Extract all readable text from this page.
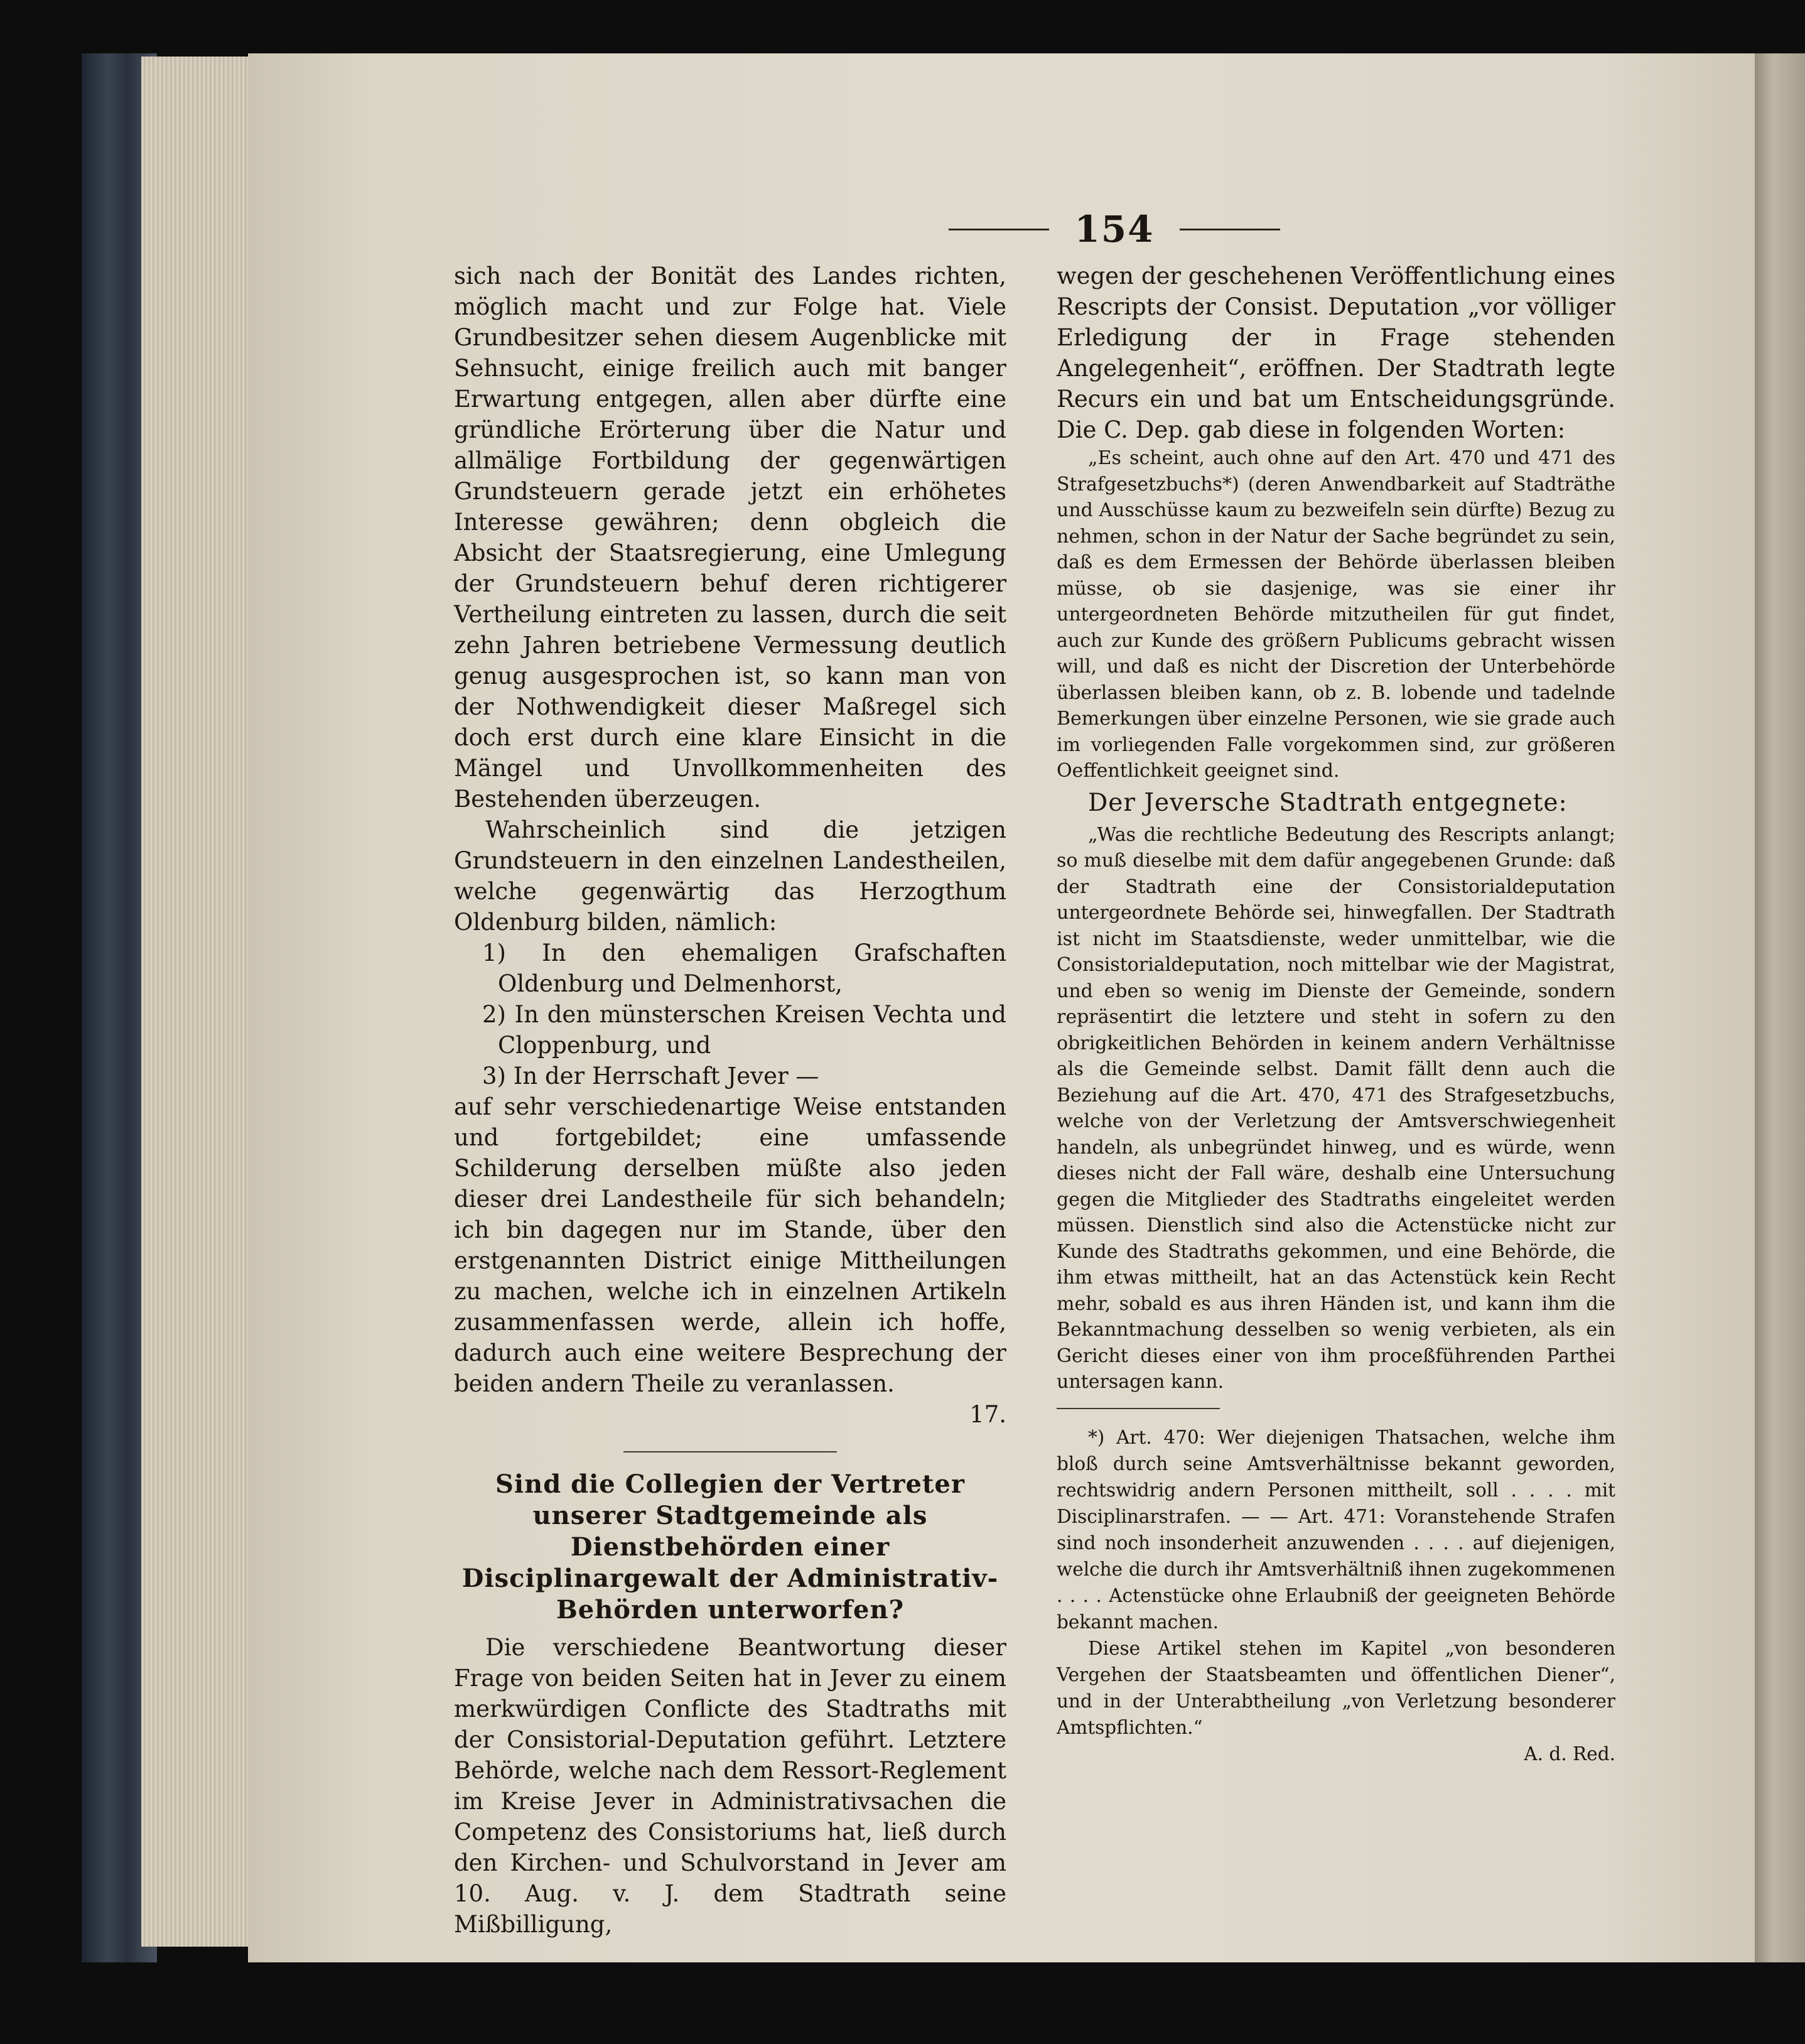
154

sich nach der Bonität des Landes richten, möglich macht und zur Folge hat. Viele Grundbesitzer sehen diesem Augenblicke mit Sehnsucht, einige freilich auch mit banger Erwartung entgegen, allen aber dürfte eine gründliche Erörterung über die Natur und allmälige Fortbildung der gegenwärtigen Grundsteuern gerade jetzt ein erhöhetes Interesse gewähren; denn obgleich die Absicht der Staatsregierung, eine Umlegung der Grundsteuern behuf deren richtigerer Vertheilung eintreten zu lassen, durch die seit zehn Jahren betriebene Vermessung deutlich genug ausgesprochen ist, so kann man von der Nothwendigkeit dieser Maßregel sich doch erst durch eine klare Einsicht in die Mängel und Unvollkommenheiten des Bestehenden überzeugen.

Wahrscheinlich sind die jetzigen Grundsteuern in den einzelnen Landestheilen, welche gegenwärtig das Herzogthum Oldenburg bilden, nämlich:

1) In den ehemaligen Grafschaften Oldenburg und Delmenhorst,

2) In den münsterschen Kreisen Vechta und Cloppenburg, und

3) In der Herrschaft Jever —

auf sehr verschiedenartige Weise entstanden und fortgebildet; eine umfassende Schilderung derselben müßte also jeden dieser drei Landestheile für sich behandeln; ich bin dagegen nur im Stande, über den erstgenannten District einige Mittheilungen zu machen, welche ich in einzelnen Artikeln zusammenfassen werde, allein ich hoffe, dadurch auch eine weitere Besprechung der beiden andern Theile zu veranlassen.

17.

Sind die Collegien der Vertreter unserer Stadtgemeinde als Dienstbehörden einer Disciplinargewalt der Administrativ-Behörden unterworfen?

Die verschiedene Beantwortung dieser Frage von beiden Seiten hat in Jever zu einem merkwürdigen Conflicte des Stadtraths mit der Consistorial-Deputation geführt. Letztere Behörde, welche nach dem Ressort-Reglement im Kreise Jever in Administrativsachen die Competenz des Consistoriums hat, ließ durch den Kirchen- und Schulvorstand in Jever am 10. Aug. v. J. dem Stadtrath seine Mißbilligung,

wegen der geschehenen Veröffentlichung eines Rescripts der Consist. Deputation „vor völliger Erledigung der in Frage stehenden Angelegenheit“, eröffnen. Der Stadtrath legte Recurs ein und bat um Entscheidungsgründe. Die C. Dep. gab diese in folgenden Worten:

„Es scheint, auch ohne auf den Art. 470 und 471 des Strafgesetzbuchs*) (deren Anwendbarkeit auf Stadträthe und Ausschüsse kaum zu bezweifeln sein dürfte) Bezug zu nehmen, schon in der Natur der Sache begründet zu sein, daß es dem Ermessen der Behörde überlassen bleiben müsse, ob sie dasjenige, was sie einer ihr untergeordneten Behörde mitzutheilen für gut findet, auch zur Kunde des größern Publicums gebracht wissen will, und daß es nicht der Discretion der Unterbehörde überlassen bleiben kann, ob z. B. lobende und tadelnde Bemerkungen über einzelne Personen, wie sie grade auch im vorliegenden Falle vorgekommen sind, zur größeren Oeffentlichkeit geeignet sind.

Der Jeversche Stadtrath entgegnete:

„Was die rechtliche Bedeutung des Rescripts anlangt; so muß dieselbe mit dem dafür angegebenen Grunde: daß der Stadtrath eine der Consistorialdeputation untergeordnete Behörde sei, hinwegfallen. Der Stadtrath ist nicht im Staatsdienste, weder unmittelbar, wie die Consistorialdeputation, noch mittelbar wie der Magistrat, und eben so wenig im Dienste der Gemeinde, sondern repräsentirt die letztere und steht in sofern zu den obrigkeitlichen Behörden in keinem andern Verhältnisse als die Gemeinde selbst. Damit fällt denn auch die Beziehung auf die Art. 470, 471 des Strafgesetzbuchs, welche von der Verletzung der Amtsverschwiegenheit handeln, als unbegründet hinweg, und es würde, wenn dieses nicht der Fall wäre, deshalb eine Untersuchung gegen die Mitglieder des Stadtraths eingeleitet werden müssen. Dienstlich sind also die Actenstücke nicht zur Kunde des Stadtraths gekommen, und eine Behörde, die ihm etwas mittheilt, hat an das Actenstück kein Recht mehr, sobald es aus ihren Händen ist, und kann ihm die Bekanntmachung desselben so wenig verbieten, als ein Gericht dieses einer von ihm proceßführenden Parthei untersagen kann.

*) Art. 470: Wer diejenigen Thatsachen, welche ihm bloß durch seine Amtsverhältnisse bekannt geworden, rechtswidrig andern Personen mittheilt, soll . . . . mit Disciplinarstrafen. — — Art. 471: Voranstehende Strafen sind noch insonderheit anzuwenden . . . . auf diejenigen, welche die durch ihr Amtsverhältniß ihnen zugekommenen . . . . Actenstücke ohne Erlaubniß der geeigneten Behörde bekannt machen.

Diese Artikel stehen im Kapitel „von besonderen Vergehen der Staatsbeamten und öffentlichen Diener“, und in der Unterabtheilung „von Verletzung besonderer Amtspflichten.“

A. d. Red.
